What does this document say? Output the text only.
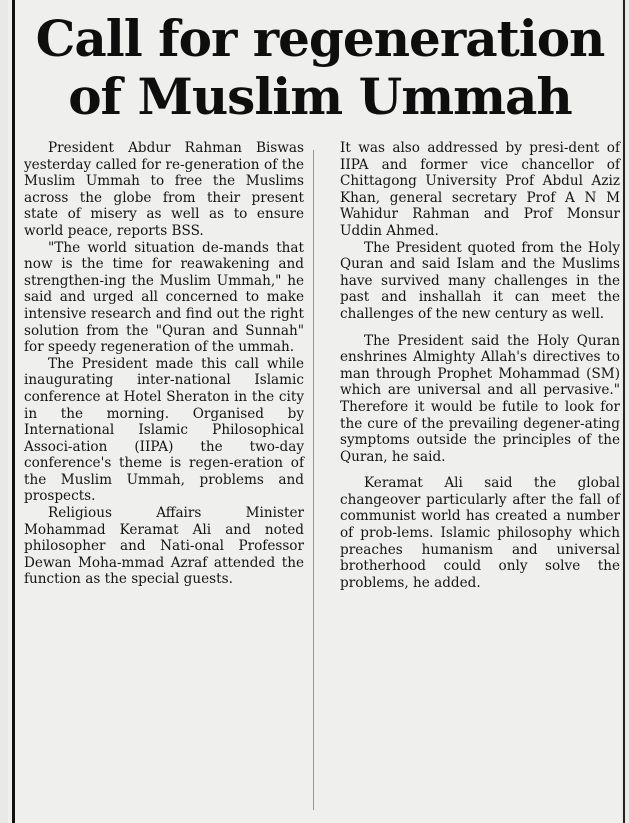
Call for regeneration
of Muslim Ummah

President Abdur Rahman Biswas yesterday called for re-generation of the Muslim Ummah to free the Muslims across the globe from their present state of misery as well as to ensure world peace, reports BSS.

"The world situation de-mands that now is the time for reawakening and strengthen-ing the Muslim Ummah," he said and urged all concerned to make intensive research and find out the right solution from the "Quran and Sunnah" for speedy regeneration of the ummah.

The President made this call while inaugurating inter-national Islamic conference at Hotel Sheraton in the city in the morning. Organised by International Islamic Philosophical Associ-ation (IIPA) the two-day conference's theme is regen-eration of the Muslim Ummah, problems and prospects.

Religious Affairs Minister Mohammad Keramat Ali and noted philosopher and Nati-onal Professor Dewan Moha-mmad Azraf attended the function as the special guests.

It was also addressed by presi-dent of IIPA and former vice chancellor of Chittagong University Prof Abdul Aziz Khan, general secretary Prof A N M Wahidur Rahman and Prof Monsur Uddin Ahmed.

The President quoted from the Holy Quran and said Islam and the Muslims have survived many challenges in the past and inshallah it can meet the challenges of the new century as well.

The President said the Holy Quran enshrines Almighty Allah's directives to man through Prophet Mohammad (SM) which are universal and all pervasive." Therefore it would be futile to look for the cure of the prevailing degener-ating symptoms outside the principles of the Quran, he said.

Keramat Ali said the global changeover particularly after the fall of communist world has created a number of prob-lems. Islamic philosophy which preaches humanism and universal brotherhood could only solve the problems, he added.
